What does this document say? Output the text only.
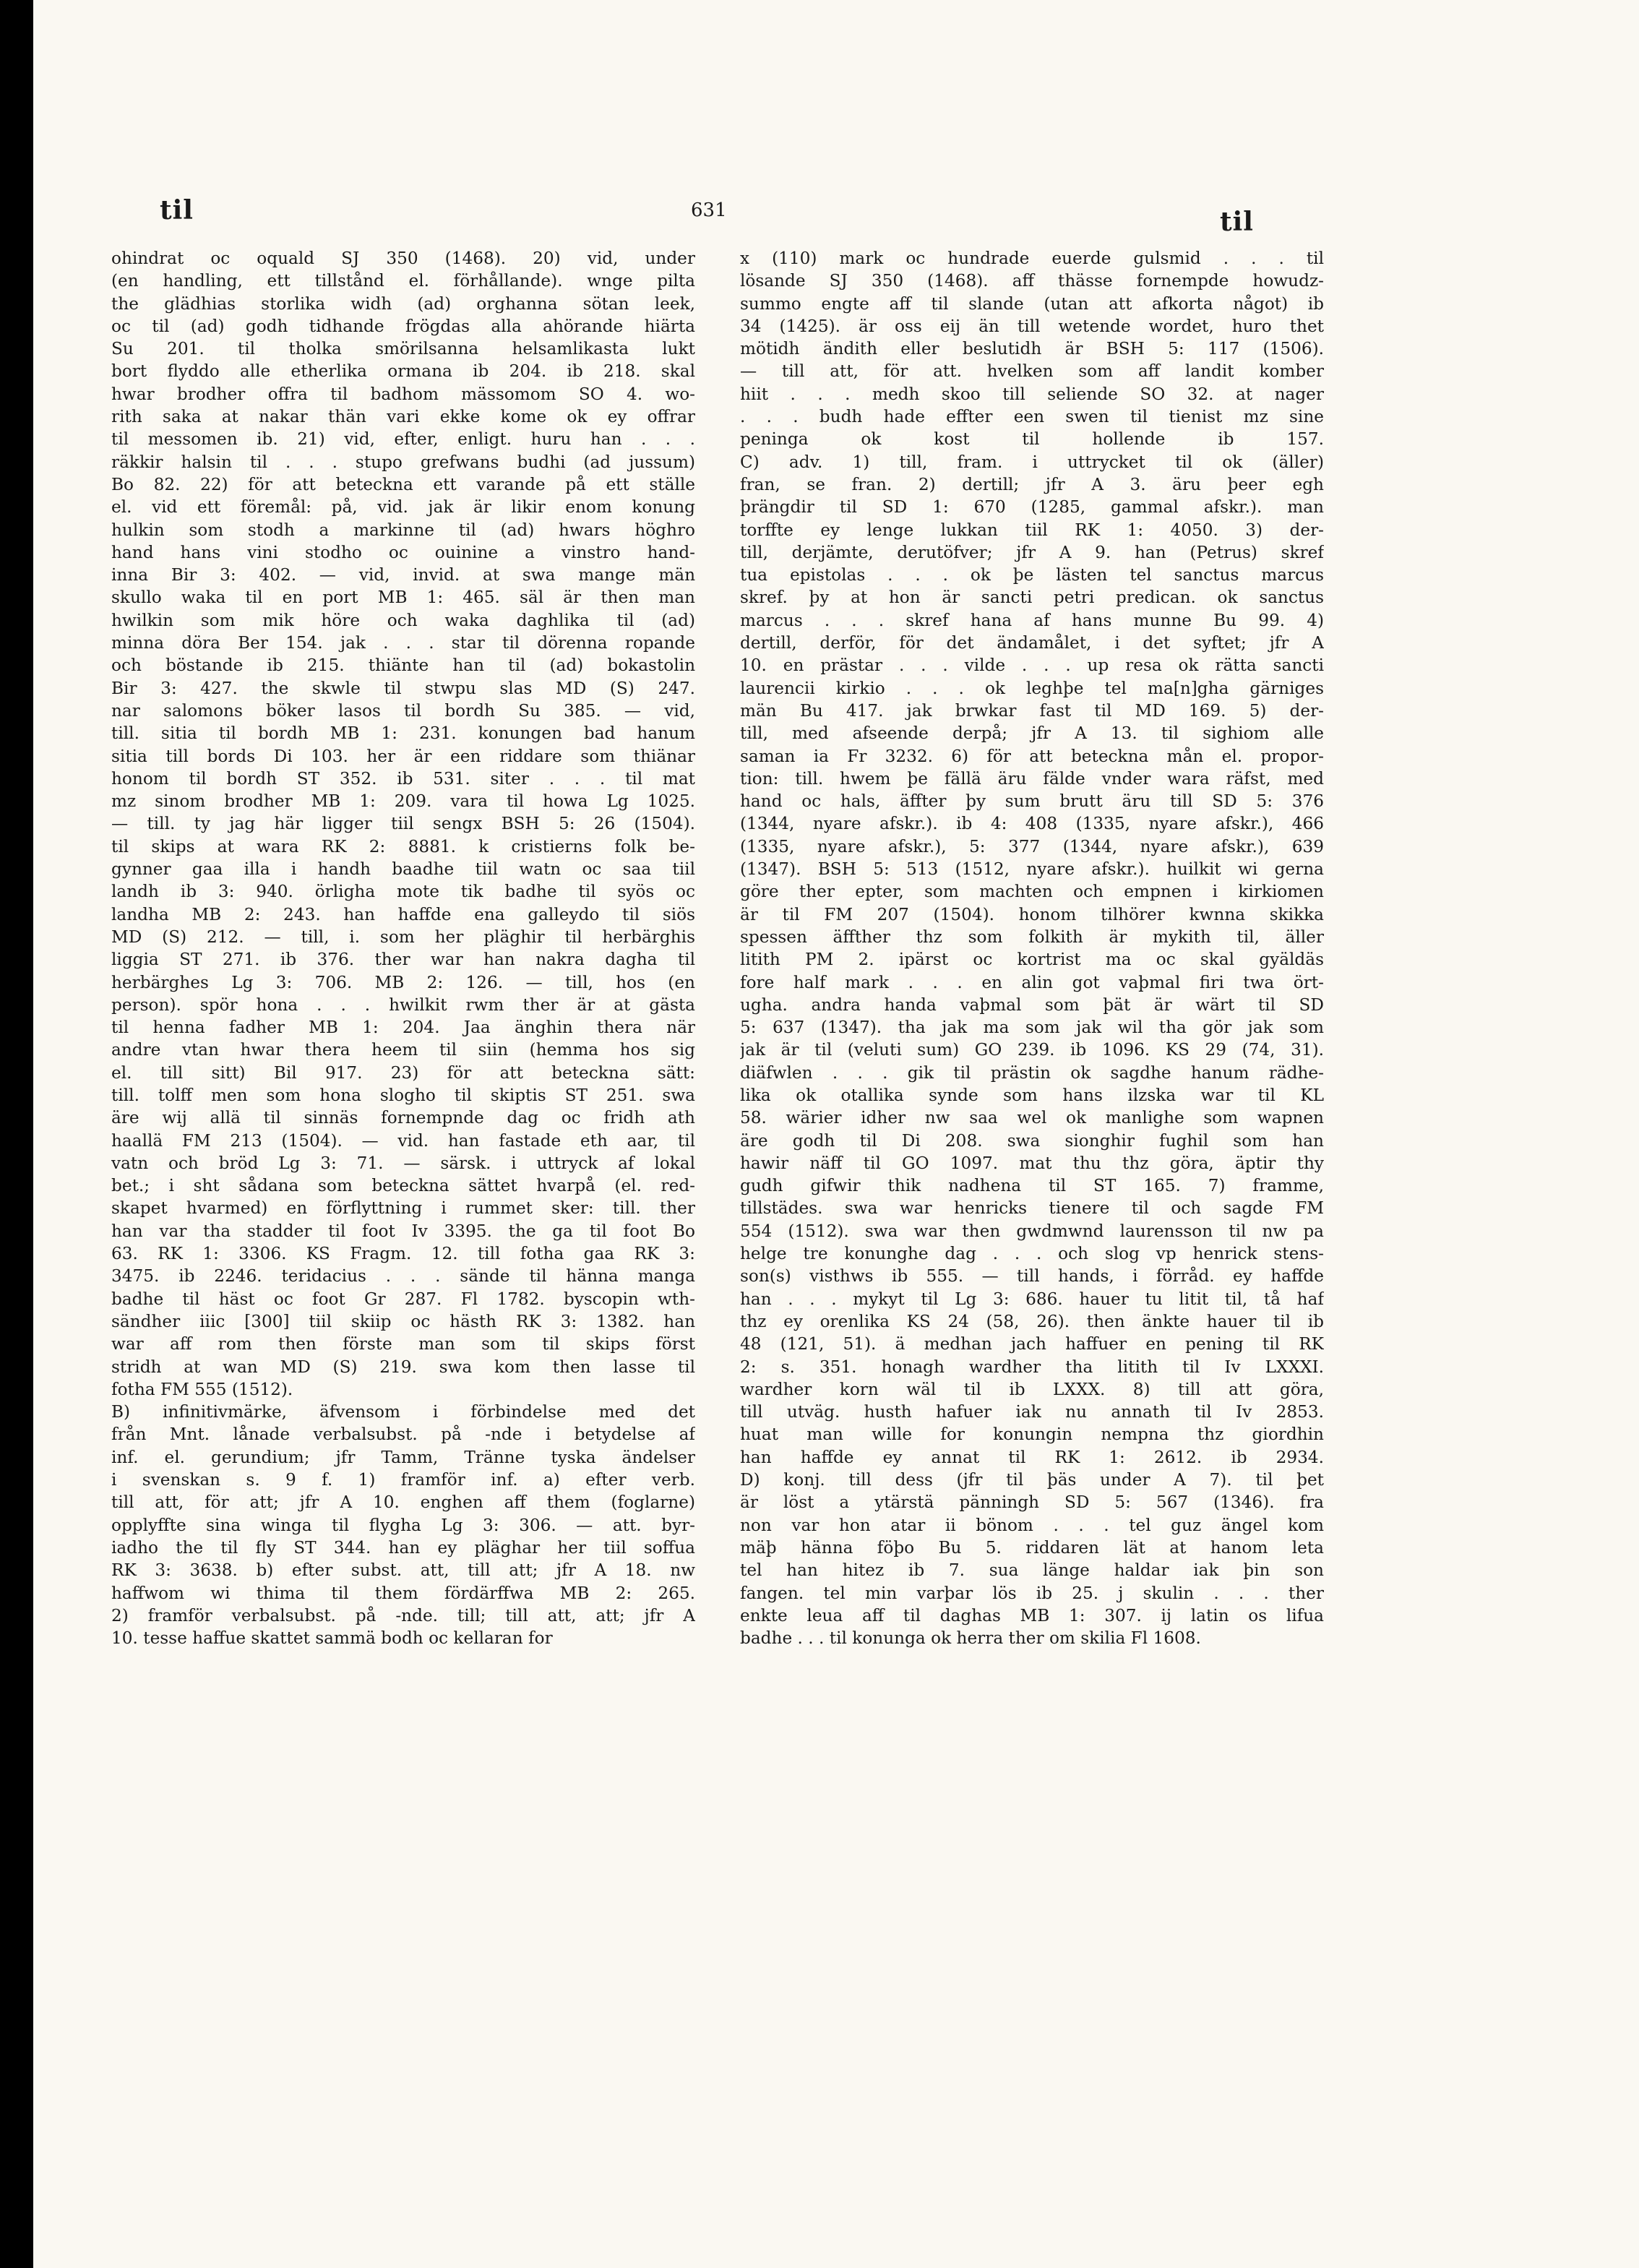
til	631	til
ohindrat oc oquald SJ 350 (1468). 20) vid, under
(en handling, ett tillstånd el. förhållande). wnge pilta
the glädhias storlika widh (ad) orghanna sötan leek,
oc til (ad) godh tidhande frögdas alla ahörande hiärta
Su 201. til tholka smörilsanna helsamlikasta lukt
bort flyddo alle etherlika ormana ib 204. ib 218. skal
hwar brodher offra til badhom mässomom SO 4. wo-
rith saka at nakar thän vari ekke kome ok ey offrar
til messomen ib. 21) vid, efter, enligt. huru han . . .
räkkir halsin til . . . stupo grefwans budhi (ad jussum)
Bo 82. 22) för att beteckna ett varande på ett ställe
el. vid ett föremål: på, vid. jak är likir enom konung
hulkin som stodh a markinne til (ad) hwars höghro
hand hans vini stodho oc ouinine a vinstro hand-
inna Bir 3: 402. — vid, invid. at swa mange män
skullo waka til en port MB 1: 465. säl är then man
hwilkin som mik höre och waka daghlika til (ad)
minna döra Ber 154. jak . . . star til dörenna ropande
och böstande ib 215. thiänte han til (ad) bokastolin
Bir 3: 427. the skwle til stwpu slas MD (S) 247.
nar salomons böker lasos til bordh Su 385. — vid,
till. sitia til bordh MB 1: 231. konungen bad hanum
sitia till bords Di 103. her är een riddare som thiänar
honom til bordh ST 352. ib 531. siter . . . til mat
mz sinom brodher MB 1: 209. vara til howa Lg 1025.
— till. ty jag här ligger tiil sengx BSH 5: 26 (1504).
til skips at wara RK 2: 8881. k cristierns folk be-
gynner gaa illa i handh baadhe tiil watn oc saa tiil
landh ib 3: 940. örligha mote tik badhe til syös oc
landha MB 2: 243. han haffde ena galleydo til siös
MD (S) 212. — till, i. som her pläghir til herbärghis
liggia ST 271. ib 376. ther war han nakra dagha til
herbärghes Lg 3: 706. MB 2: 126. — till, hos (en
person). spör hona . . . hwilkit rwm ther är at gästa
til henna fadher MB 1: 204. Jaa änghin thera när
andre vtan hwar thera heem til siin (hemma hos sig
el. till sitt) Bil 917. 23) för att beteckna sätt:
till. tolff men som hona slogho til skiptis ST 251. swa
äre wij allä til sinnäs fornempnde dag oc fridh ath
haallä FM 213 (1504). — vid. han fastade eth aar, til
vatn och bröd Lg 3: 71. — särsk. i uttryck af lokal
bet.; i sht sådana som beteckna sättet hvarpå (el. red-
skapet hvarmed) en förflyttning i rummet sker: till. ther
han var tha stadder til foot Iv 3395. the ga til foot Bo
63. RK 1: 3306. KS Fragm. 12. till fotha gaa RK 3:
3475. ib 2246. teridacius . . . sände til hänna manga
badhe til häst oc foot Gr 287. Fl 1782. byscopin wth-
sändher iiic [300] tiil skiip oc hästh RK 3: 1382. han
war aff rom then förste man som til skips först
stridh at wan MD (S) 219. swa kom then lasse til
fotha FM 555 (1512).
B) infinitivmärke, äfvensom i förbindelse med det
från Mnt. lånade verbalsubst. på -nde i betydelse af
inf. el. gerundium; jfr Tamm, Tränne tyska ändelser
i svenskan s. 9 f. 1) framför inf. a) efter verb.
till att, för att; jfr A 10. enghen aff them (foglarne)
opplyffte sina winga til flygha Lg 3: 306. — att. byr-
iadho the til fly ST 344. han ey pläghar her tiil soffua
RK 3: 3638. b) efter subst. att, till att; jfr A 18. nw
haffwom wi thima til them fördärffwa MB 2: 265.
2) framför verbalsubst. på -nde. till; till att, att; jfr A
10. tesse haffue skattet sammä bodh oc kellaran for
x (110) mark oc hundrade euerde gulsmid . . . til
lösande SJ 350 (1468). aff thässe fornempde howudz-
summo engte aff til slande (utan att afkorta något) ib
34 (1425). är oss eij än till wetende wordet, huro thet
mötidh ändith eller beslutidh är BSH 5: 117 (1506).
— till att, för att. hvelken som aff landit komber
hiit . . . medh skoo till seliende SO 32. at nager
. . . budh hade effter een swen til tienist mz sine
peninga ok kost til hollende ib 157.
C) adv. 1) till, fram. i uttrycket til ok (äller)
fran, se fran. 2) dertill; jfr A 3. äru þeer egh
þrängdir til SD 1: 670 (1285, gammal afskr.). man
torffte ey lenge lukkan tiil RK 1: 4050. 3) der-
till, derjämte, derutöfver; jfr A 9. han (Petrus) skref
tua epistolas . . . ok þe lästen tel sanctus marcus
skref. þy at hon är sancti petri predican. ok sanctus
marcus . . . skref hana af hans munne Bu 99. 4)
dertill, derför, för det ändamålet, i det syftet; jfr A
10. en prästar . . . vilde . . . up resa ok rätta sancti
laurencii kirkio . . . ok leghþe tel ma[n]gha gärniges
män Bu 417. jak brwkar fast til MD 169. 5) der-
till, med afseende derpå; jfr A 13. til sighiom alle
saman ia Fr 3232. 6) för att beteckna mån el. propor-
tion: till. hwem þe fällä äru fälde vnder wara räfst, med
hand oc hals, äffter þy sum brutt äru till SD 5: 376
(1344, nyare afskr.). ib 4: 408 (1335, nyare afskr.), 466
(1335, nyare afskr.), 5: 377 (1344, nyare afskr.), 639
(1347). BSH 5: 513 (1512, nyare afskr.). huilkit wi gerna
göre ther epter, som machten och empnen i kirkiomen
är til FM 207 (1504). honom tilhörer kwnna skikka
spessen äffther thz som folkith är mykith til, äller
litith PM 2. ipärst oc kortrist ma oc skal gyäldäs
fore half mark . . . en alin got vaþmal firi twa ört-
ugha. andra handa vaþmal som þät är wärt til SD
5: 637 (1347). tha jak ma som jak wil tha gör jak som
jak är til (veluti sum) GO 239. ib 1096. KS 29 (74, 31).
diäfwlen . . . gik til prästin ok sagdhe hanum rädhe-
lika ok otallika synde som hans ilzska war til KL
58. wärier idher nw saa wel ok manlighe som wapnen
äre godh til Di 208. swa sionghir fughil som han
hawir näff til GO 1097. mat thu thz göra, äptir thy
gudh gifwir thik nadhena til ST 165. 7) framme,
tillstädes. swa war henricks tienere til och sagde FM
554 (1512). swa war then gwdmwnd laurensson til nw pa
helge tre konunghe dag . . . och slog vp henrick stens-
son(s) visthws ib 555. — till hands, i förråd. ey haffde
han . . . mykyt til Lg 3: 686. hauer tu litit til, tå haf
thz ey orenlika KS 24 (58, 26). then änkte hauer til ib
48 (121, 51). ä medhan jach haffuer en pening til RK
2: s. 351. honagh wardher tha litith til Iv LXXXI.
wardher korn wäl til ib LXXX. 8) till att göra,
till utväg. husth hafuer iak nu annath til Iv 2853.
huat man wille for konungin nempna thz giordhin
han haffde ey annat til RK 1: 2612. ib 2934.
D) konj. till dess (jfr til þäs under A 7). til þet
är löst a ytärstä pänningh SD 5: 567 (1346). fra
non var hon atar ii bönom . . . tel guz ängel kom
mäþ hänna föþo Bu 5. riddaren lät at hanom leta
tel han hitez ib 7. sua länge haldar iak þin son
fangen. tel min varþar lös ib 25. j skulin . . . ther
enkte leua aff til daghas MB 1: 307. ij latin os lifua
badhe . . . til konunga ok herra ther om skilia Fl 1608.
